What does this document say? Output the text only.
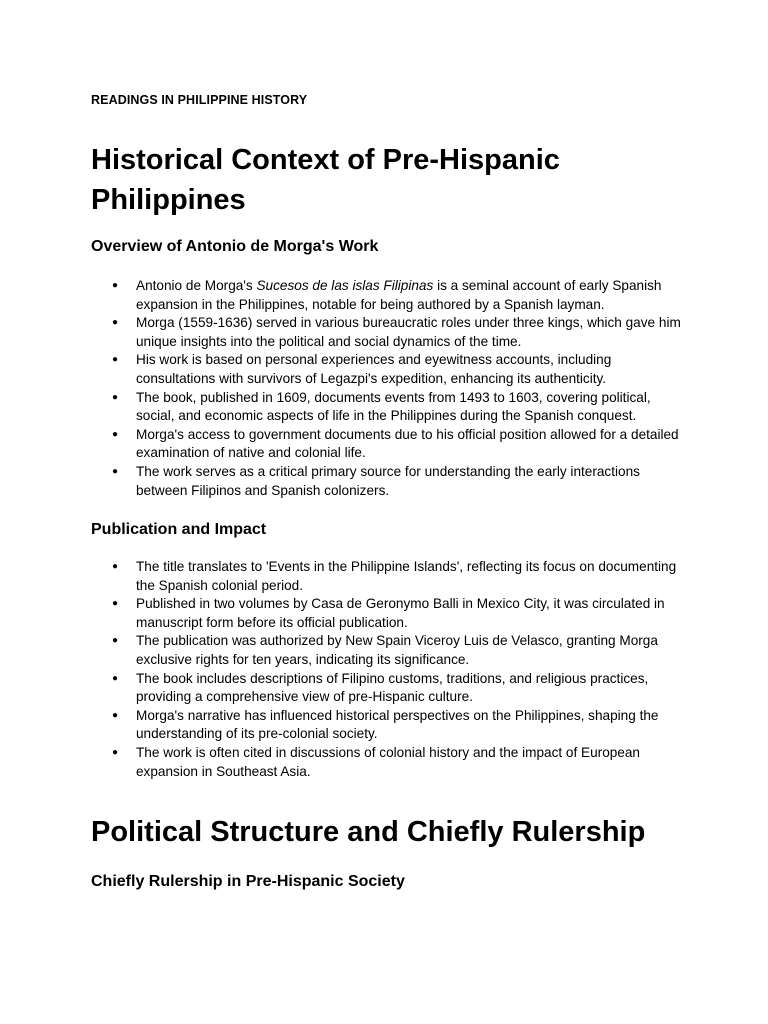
READINGS IN PHILIPPINE HISTORY
Historical Context of Pre-Hispanic Philippines
Overview of Antonio de Morga's Work
●	Antonio de Morga's Sucesos de las islas Filipinas is a seminal account of early Spanish expansion in the Philippines, notable for being authored by a Spanish layman.
●	Morga (1559-1636) served in various bureaucratic roles under three kings, which gave him unique insights into the political and social dynamics of the time.
●	His work is based on personal experiences and eyewitness accounts, including consultations with survivors of Legazpi's expedition, enhancing its authenticity.
●	The book, published in 1609, documents events from 1493 to 1603, covering political, social, and economic aspects of life in the Philippines during the Spanish conquest.
●	Morga's access to government documents due to his official position allowed for a detailed examination of native and colonial life.
●	The work serves as a critical primary source for understanding the early interactions between Filipinos and Spanish colonizers.
Publication and Impact
●	The title translates to 'Events in the Philippine Islands', reflecting its focus on documenting the Spanish colonial period.
●	Published in two volumes by Casa de Geronymo Balli in Mexico City, it was circulated in manuscript form before its official publication.
●	The publication was authorized by New Spain Viceroy Luis de Velasco, granting Morga exclusive rights for ten years, indicating its significance.
●	The book includes descriptions of Filipino customs, traditions, and religious practices, providing a comprehensive view of pre-Hispanic culture.
●	Morga's narrative has influenced historical perspectives on the Philippines, shaping the understanding of its pre-colonial society.
●	The work is often cited in discussions of colonial history and the impact of European expansion in Southeast Asia.
Political Structure and Chiefly Rulership
Chiefly Rulership in Pre-Hispanic Society
